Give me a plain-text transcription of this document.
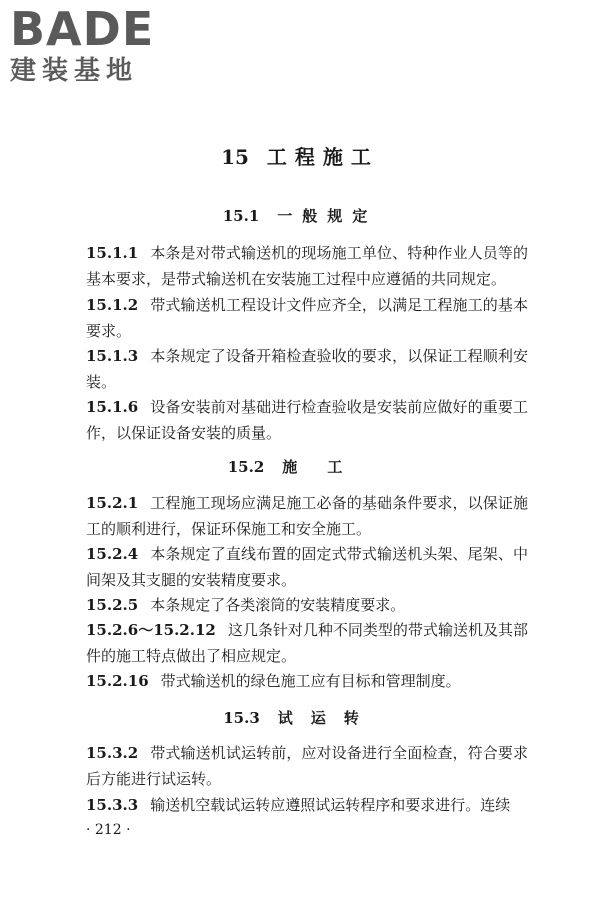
BADE
建装基地
15 工程施工
15.1 一般规定
15.1.1 本条是对带式输送机的现场施工单位、特种作业人员等的基本要求，是带式输送机在安装施工过程中应遵循的共同规定。
15.1.2 带式输送机工程设计文件应齐全，以满足工程施工的基本要求。
15.1.3 本条规定了设备开箱检查验收的要求，以保证工程顺利安装。
15.1.6 设备安装前对基础进行检查验收是安装前应做好的重要工作，以保证设备安装的质量。
15.2 施工
15.2.1 工程施工现场应满足施工必备的基础条件要求，以保证施工的顺利进行，保证环保施工和安全施工。
15.2.4 本条规定了直线布置的固定式带式输送机头架、尾架、中间架及其支腿的安装精度要求。
15.2.5 本条规定了各类滚筒的安装精度要求。
15.2.6～15.2.12 这几条针对几种不同类型的带式输送机及其部件的施工特点做出了相应规定。
15.2.16 带式输送机的绿色施工应有目标和管理制度。
15.3 试运转
15.3.2 带式输送机试运转前，应对设备进行全面检查，符合要求后方能进行试运转。
15.3.3 输送机空载试运转应遵照试运转程序和要求进行。连续
· 212 ·
